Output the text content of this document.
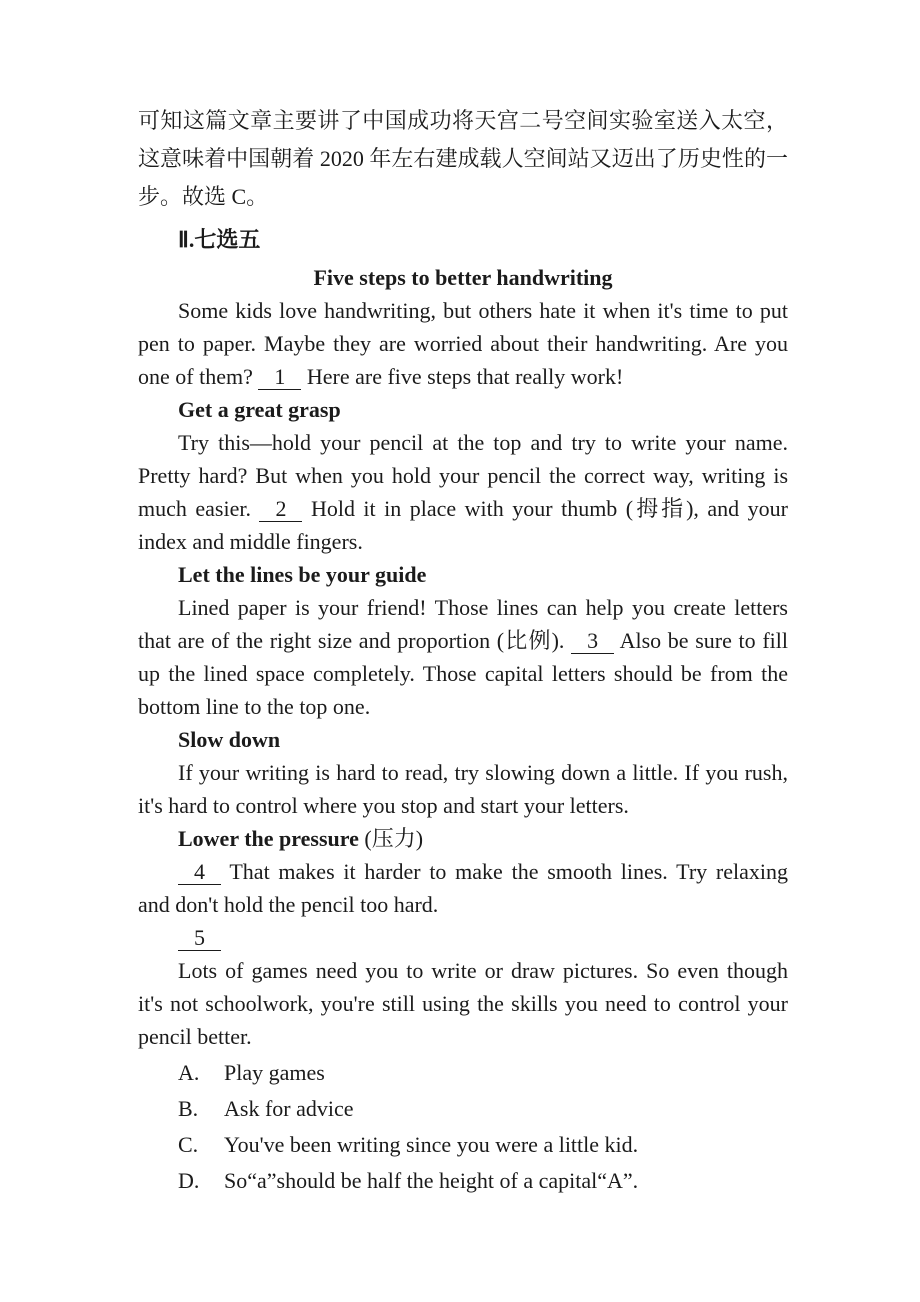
可知这篇文章主要讲了中国成功将天宫二号空间实验室送入太空，这意味着中国朝着 2020 年左右建成载人空间站又迈出了历史性的一步。故选 C。

Ⅱ.七选五

Five steps to better handwriting

Some kids love handwriting, but others hate it when it's time to put pen to paper. Maybe they are worried about their handwriting. Are you one of them? 1 Here are five steps that really work!

Get a great grasp

Try this—hold your pencil at the top and try to write your name. Pretty hard? But when you hold your pencil the correct way, writing is much easier. 2 Hold it in place with your thumb (拇指), and your index and middle fingers.

Let the lines be your guide

Lined paper is your friend! Those lines can help you create letters that are of the right size and proportion (比例). 3 Also be sure to fill up the lined space completely. Those capital letters should be from the bottom line to the top one.

Slow down

If your writing is hard to read, try slowing down a little. If you rush, it's hard to control where you stop and start your letters.

Lower the pressure (压力)

4 That makes it harder to make the smooth lines. Try relaxing and don't hold the pencil too hard.

5

Lots of games need you to write or draw pictures. So even though it's not schoolwork, you're still using the skills you need to control your pencil better.

A. Play games
B. Ask for advice
C. You've been writing since you were a little kid.
D. So“a”should be half the height of a capital“A”.
